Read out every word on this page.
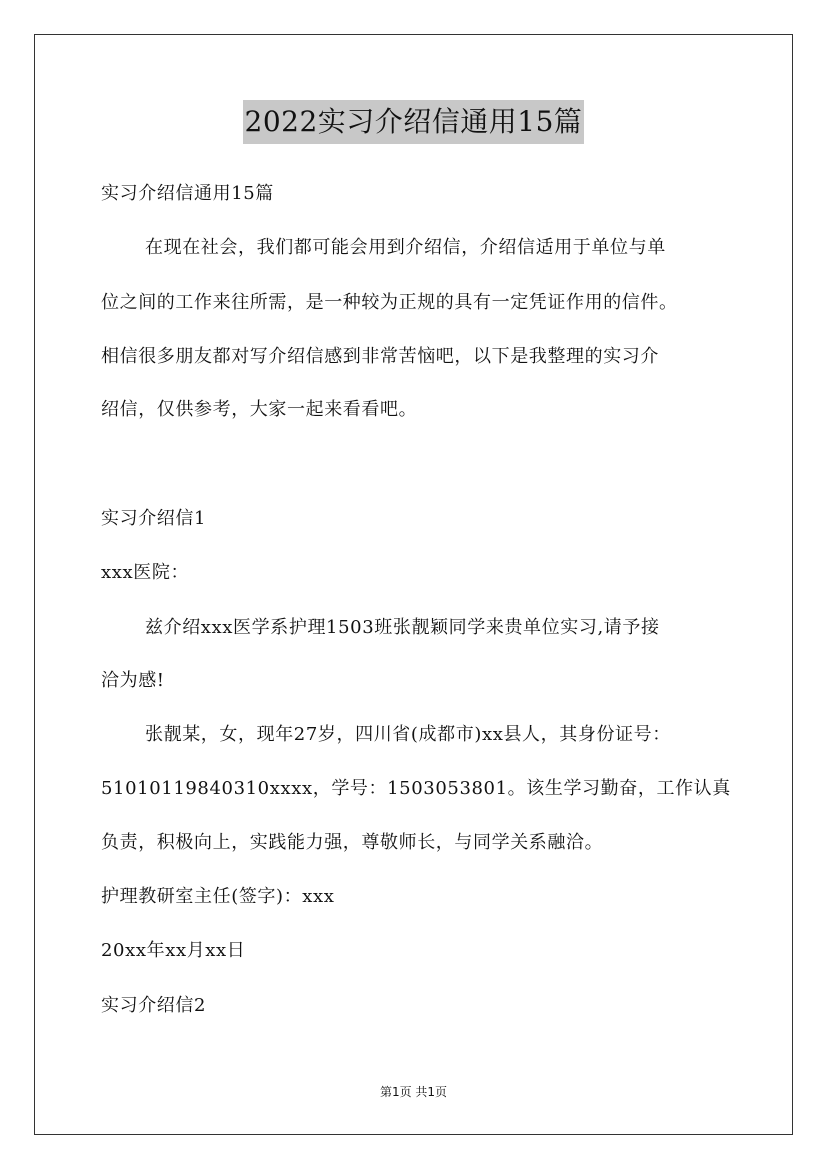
2022实习介绍信通用15篇
实习介绍信通用15篇
在现在社会，我们都可能会用到介绍信，介绍信适用于单位与单
位之间的工作来往所需，是一种较为正规的具有一定凭证作用的信件。
相信很多朋友都对写介绍信感到非常苦恼吧，以下是我整理的实习介
绍信，仅供参考，大家一起来看看吧。
实习介绍信1
xxx医院：
兹介绍xxx医学系护理1503班张靓颖同学来贵单位实习,请予接
洽为感!
张靓某，女，现年27岁，四川省(成都市)xx县人，其身份证号：
51010119840310xxxx，学号：1503053801。该生学习勤奋，工作认真
负责，积极向上，实践能力强，尊敬师长，与同学关系融洽。
护理教研室主任(签字)：xxx
20xx年xx月xx日
实习介绍信2
第1页 共1页
